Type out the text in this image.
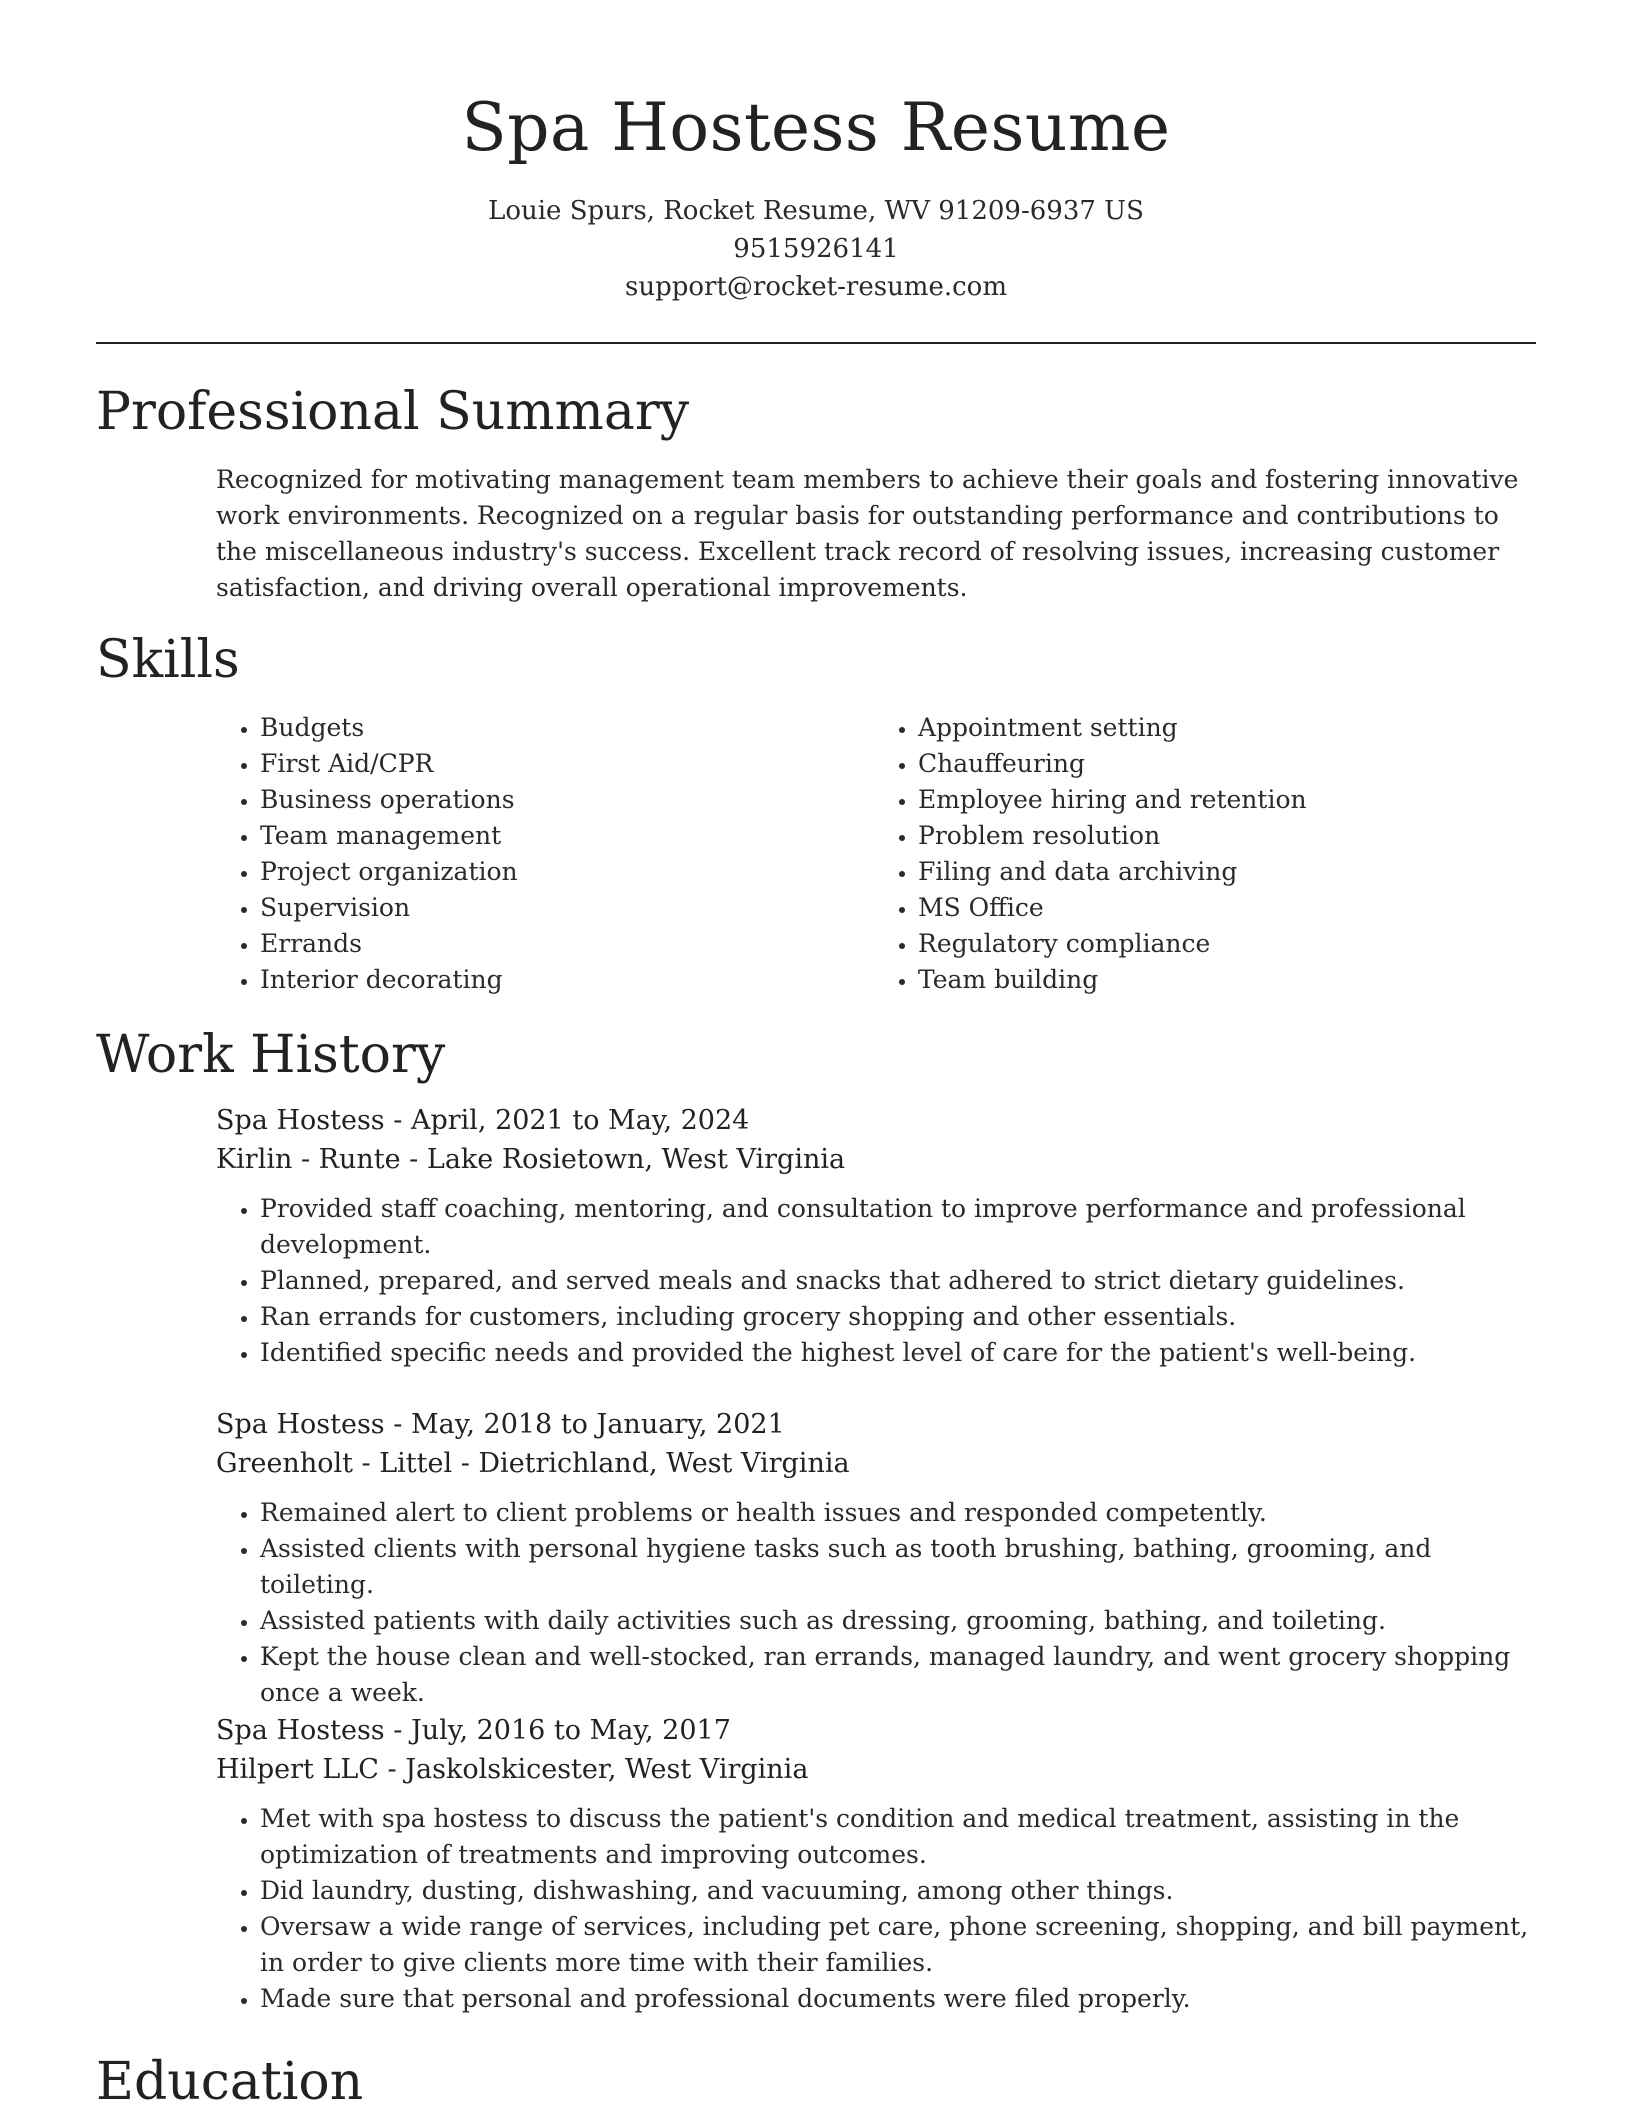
Spa Hostess Resume
Louie Spurs, Rocket Resume, WV 91209-6937 US
9515926141
support@rocket-resume.com
Professional Summary

Recognized for motivating management team members to achieve their goals and fostering innovative work environments. Recognized on a regular basis for outstanding performance and contributions to the miscellaneous industry's success. Excellent track record of resolving issues, increasing customer satisfaction, and driving overall operational improvements.

Skills
• Budgets
• First Aid/CPR
• Business operations
• Team management
• Project organization
• Supervision
• Errands
• Interior decorating
• Appointment setting
• Chauffeuring
• Employee hiring and retention
• Problem resolution
• Filing and data archiving
• MS Office
• Regulatory compliance
• Team building
Work History
Spa Hostess - April, 2021 to May, 2024
Kirlin - Runte - Lake Rosietown, West Virginia
• Provided staff coaching, mentoring, and consultation to improve performance and professional development.
• Planned, prepared, and served meals and snacks that adhered to strict dietary guidelines.
• Ran errands for customers, including grocery shopping and other essentials.
• Identified specific needs and provided the highest level of care for the patient's well-being.
Spa Hostess - May, 2018 to January, 2021
Greenholt - Littel - Dietrichland, West Virginia
• Remained alert to client problems or health issues and responded competently.
• Assisted clients with personal hygiene tasks such as tooth brushing, bathing, grooming, and toileting.
• Assisted patients with daily activities such as dressing, grooming, bathing, and toileting.
• Kept the house clean and well-stocked, ran errands, managed laundry, and went grocery shopping once a week.
Spa Hostess - July, 2016 to May, 2017
Hilpert LLC - Jaskolskicester, West Virginia
• Met with spa hostess to discuss the patient's condition and medical treatment, assisting in the optimization of treatments and improving outcomes.
• Did laundry, dusting, dishwashing, and vacuuming, among other things.
• Oversaw a wide range of services, including pet care, phone screening, shopping, and bill payment, in order to give clients more time with their families.
• Made sure that personal and professional documents were filed properly.
Education
